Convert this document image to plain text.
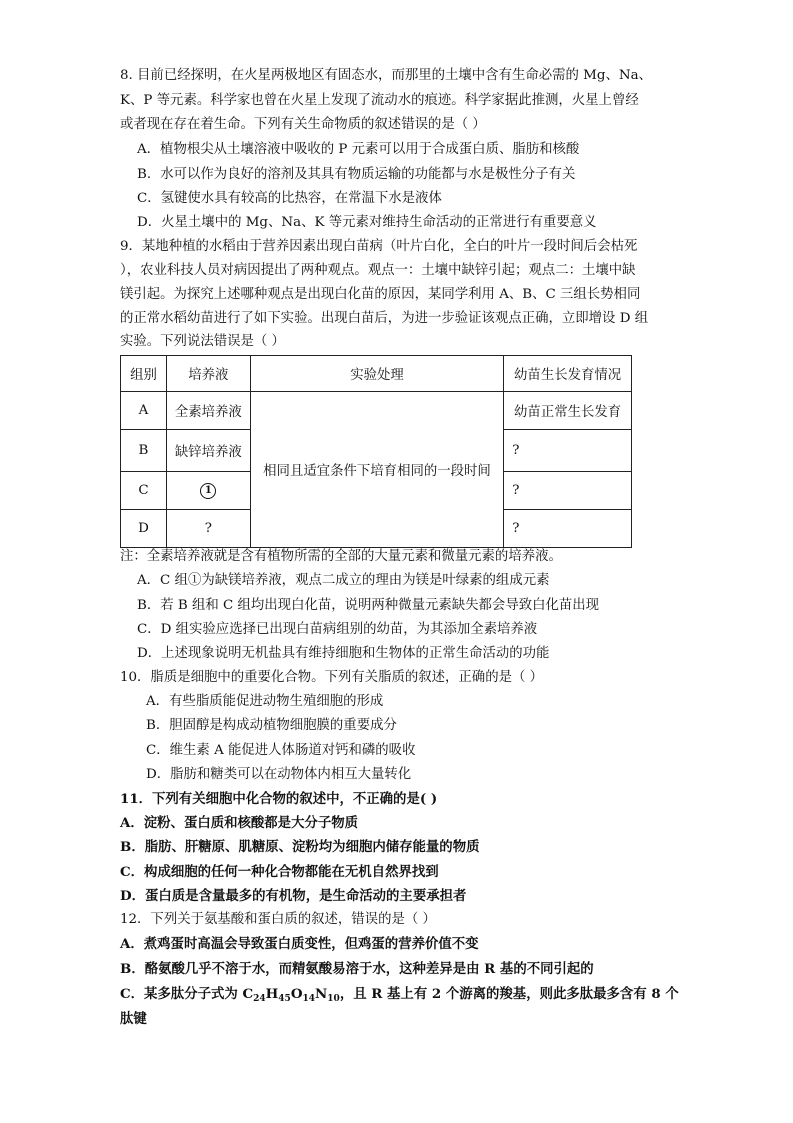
8. 目前已经探明，在火星两极地区有固态水，而那里的土壤中含有生命必需的 Mg、Na、
K、P 等元素。科学家也曾在火星上发现了流动水的痕迹。科学家据此推测，火星上曾经
或者现在存在着生命。下列有关生命物质的叙述错误的是（ ）
A．植物根尖从土壤溶液中吸收的 P 元素可以用于合成蛋白质、脂肪和核酸
B．水可以作为良好的溶剂及其具有物质运输的功能都与水是极性分子有关
C．氢键使水具有较高的比热容，在常温下水是液体
D．火星土壤中的 Mg、Na、K 等元素对维持生命活动的正常进行有重要意义
9．某地种植的水稻由于营养因素出现白苗病（叶片白化，全白的叶片一段时间后会枯死
），农业科技人员对病因提出了两种观点。观点一：土壤中缺锌引起；观点二：土壤中缺
镁引起。为探究上述哪种观点是出现白化苗的原因，某同学利用 A、B、C 三组长势相同
的正常水稻幼苗进行了如下实验。出现白苗后，为进一步验证该观点正确，立即增设 D 组
实验。下列说法错误是（ ）
组别	培养液	实验处理	幼苗生长发育情况
A	全素培养液	相同且适宜条件下培育相同的一段时间	幼苗正常生长发育
B	缺锌培养液		?
C	1		?
D	?		?
注：全素培养液就是含有植物所需的全部的大量元素和微量元素的培养液。
A．C 组①为缺镁培养液，观点二成立的理由为镁是叶绿素的组成元素
B．若 B 组和 C 组均出现白化苗，说明两种微量元素缺失都会导致白化苗出现
C．D 组实验应选择已出现白苗病组别的幼苗，为其添加全素培养液
D．上述现象说明无机盐具有维持细胞和生物体的正常生命活动的功能
10．脂质是细胞中的重要化合物。下列有关脂质的叙述，正确的是（ ）
A．有些脂质能促进动物生殖细胞的形成
B．胆固醇是构成动植物细胞膜的重要成分
C．维生素 A 能促进人体肠道对钙和磷的吸收
D．脂肪和糖类可以在动物体内相互大量转化
11．下列有关细胞中化合物的叙述中，不正确的是( )
A．淀粉、蛋白质和核酸都是大分子物质
B．脂肪、肝糖原、肌糖原、淀粉均为细胞内储存能量的物质
C．构成细胞的任何一种化合物都能在无机自然界找到
D．蛋白质是含量最多的有机物，是生命活动的主要承担者
12．下列关于氨基酸和蛋白质的叙述，错误的是（ ）
A．煮鸡蛋时高温会导致蛋白质变性，但鸡蛋的营养价值不变
B．酪氨酸几乎不溶于水，而精氨酸易溶于水，这种差异是由 R 基的不同引起的
C．某多肽分子式为 $C_{24}H_{45}O_{14}N_{10}$，且 R 基上有 2 个游离的羧基，则此多肽最多含有 8 个
肽键
